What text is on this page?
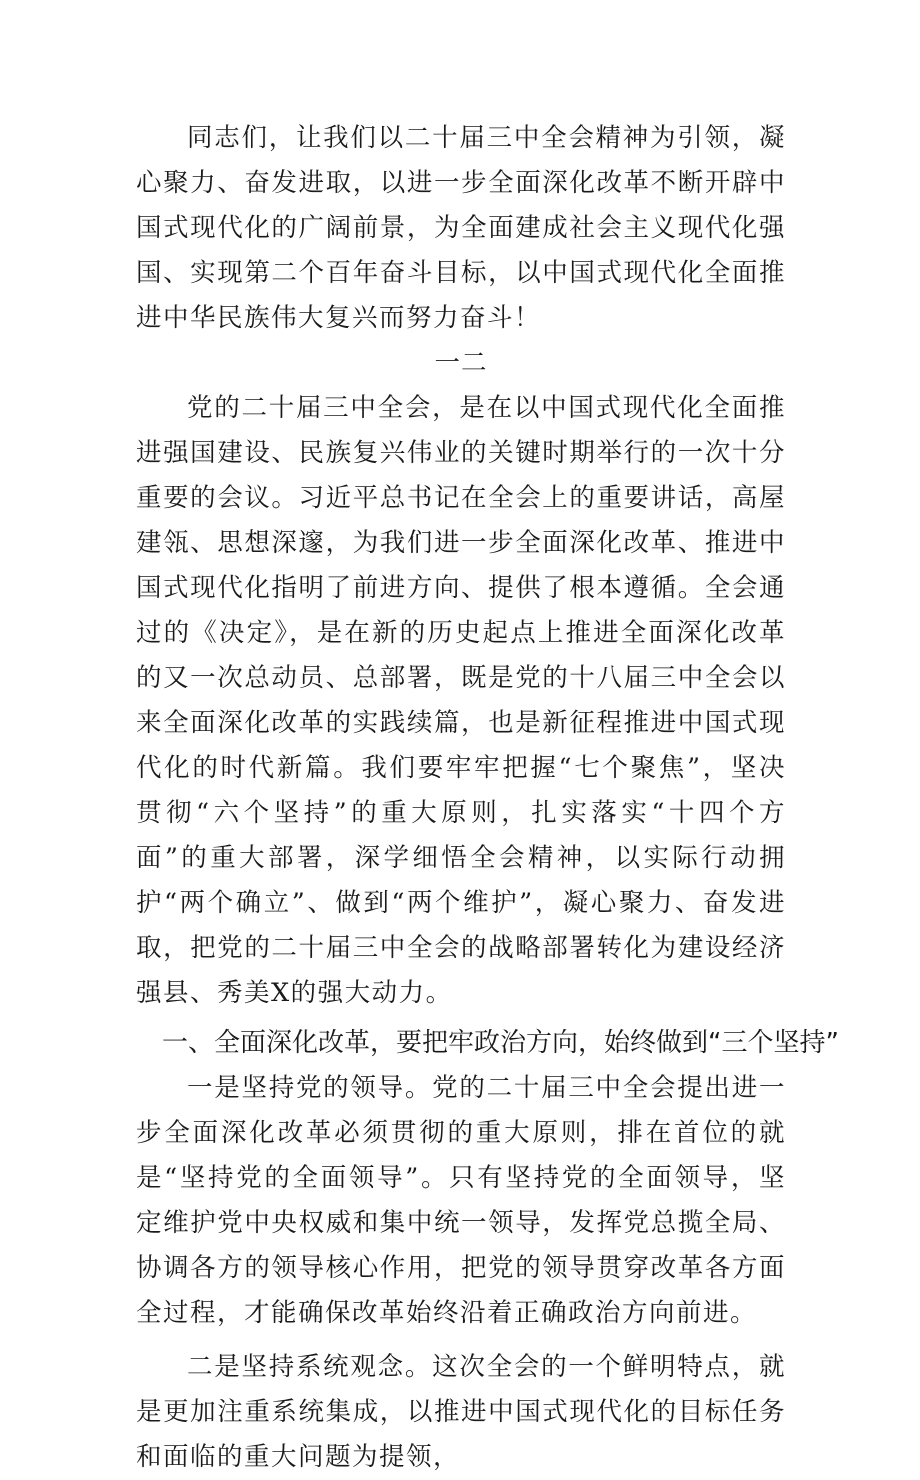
同志们，让我们以二十届三中全会精神为引领，凝心聚力、奋发进取，以进一步全面深化改革不断开辟中国式现代化的广阔前景，为全面建成社会主义现代化强国、实现第二个百年奋斗目标，以中国式现代化全面推进中华民族伟大复兴而努力奋斗！

一二

党的二十届三中全会，是在以中国式现代化全面推进强国建设、民族复兴伟业的关键时期举行的一次十分重要的会议。习近平总书记在全会上的重要讲话，高屋建瓴、思想深邃，为我们进一步全面深化改革、推进中国式现代化指明了前进方向、提供了根本遵循。全会通过的《决定》，是在新的历史起点上推进全面深化改革的又一次总动员、总部署，既是党的十八届三中全会以来全面深化改革的实践续篇，也是新征程推进中国式现代化的时代新篇。我们要牢牢把握“七个聚焦”，坚决贯彻“六个坚持”的重大原则，扎实落实“十四个方面”的重大部署，深学细悟全会精神，以实际行动拥护“两个确立”、做到“两个维护”，凝心聚力、奋发进取，把党的二十届三中全会的战略部署转化为建设经济强县、秀美X的强大动力。

一、全面深化改革，要把牢政治方向，始终做到“三个坚持”

一是坚持党的领导。党的二十届三中全会提出进一步全面深化改革必须贯彻的重大原则，排在首位的就是“坚持党的全面领导”。只有坚持党的全面领导，坚定维护党中央权威和集中统一领导，发挥党总揽全局、协调各方的领导核心作用，把党的领导贯穿改革各方面全过程，才能确保改革始终沿着正确政治方向前进。

二是坚持系统观念。这次全会的一个鲜明特点，就是更加注重系统集成，以推进中国式现代化的目标任务和面临的重大问题为提领，
